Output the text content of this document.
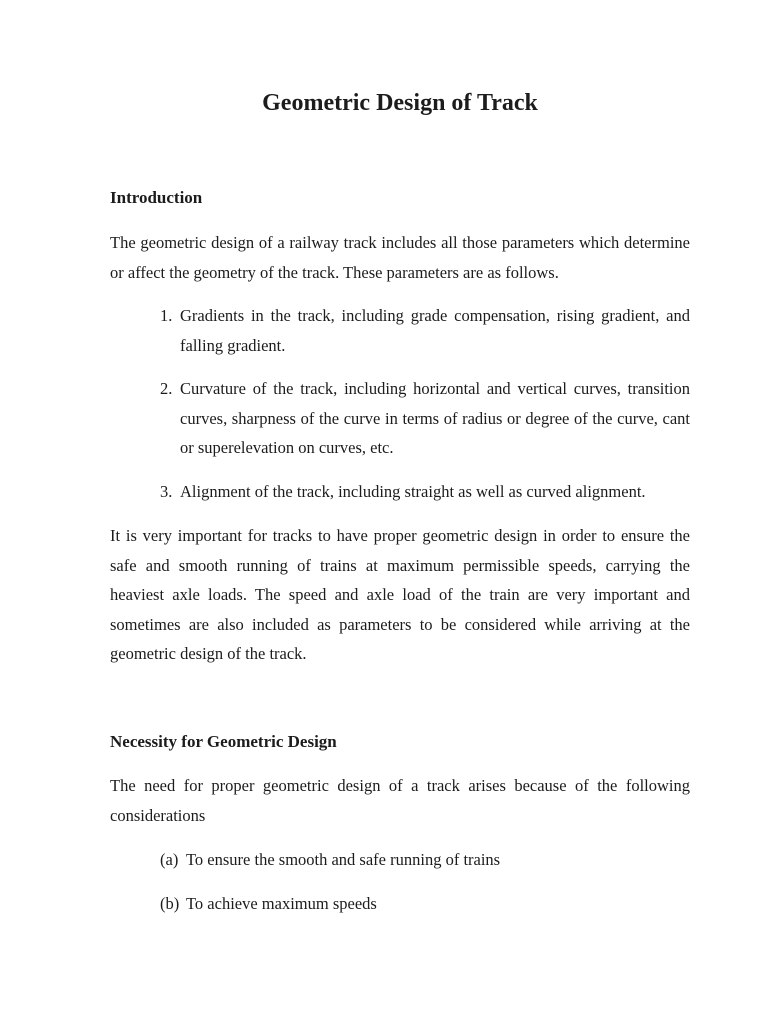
Geometric Design of Track
Introduction

The geometric design of a railway track includes all those parameters which determine or affect the geometry of the track. These parameters are as follows.

1. Gradients in the track, including grade compensation, rising gradient, and falling gradient.
2. Curvature of the track, including horizontal and vertical curves, transition curves, sharpness of the curve in terms of radius or degree of the curve, cant or superelevation on curves, etc.
3. Alignment of the track, including straight as well as curved alignment.

It is very important for tracks to have proper geometric design in order to ensure the safe and smooth running of trains at maximum permissible speeds, carrying the heaviest axle loads. The speed and axle load of the train are very important and sometimes are also included as parameters to be considered while arriving at the geometric design of the track.

Necessity for Geometric Design

The need for proper geometric design of a track arises because of the following considerations

(a) To ensure the smooth and safe running of trains
(b) To achieve maximum speeds
